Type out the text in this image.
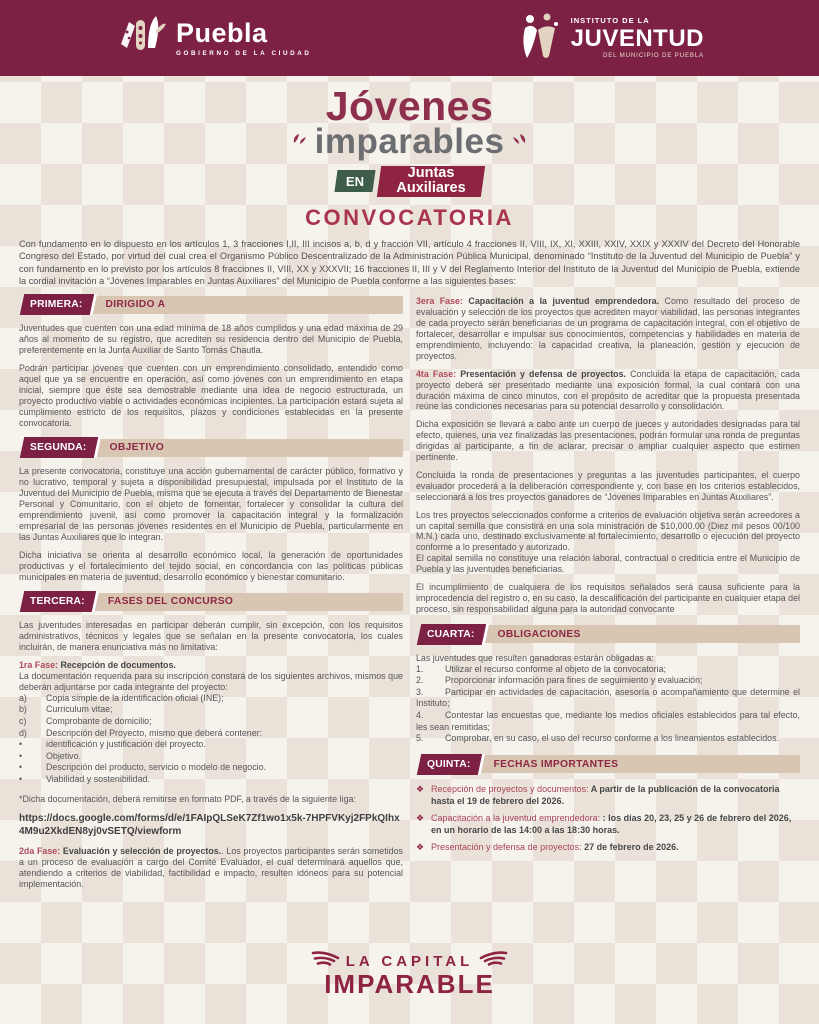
Puebla
GOBIERNO DE LA CIUDAD
INSTITUTO DE LA
JUVENTUD
DEL MUNICIPIO DE PUEBLA
Jóvenes
imparables
EN
Juntas Auxiliares
CONVOCATORIA

Con fundamento en lo dispuesto en los artículos 1, 3 fracciones I,II, III incisos a, b, d y fracción VII, artículo 4 fracciones II, VIII, IX, XI, XXIII, XXIV, XXIX y XXXIV del Decreto del Honorable Congreso del Estado, por virtud del cual crea el Organismo Público Descentralizado de la Administración Pública Municipal, denominado “Instituto de la Juventud del Municipio de Puebla” y con fundamento en lo previsto por los artículos 8 fracciones II, VIII, XX y XXXVII; 16 fracciones II, III y V del Reglamento Interior del Instituto de la Juventud del Municipio de Puebla, extiende la cordial invitación a “Jóvenes Imparables en Juntas Auxiliares” del Municipio de Puebla conforme a las siguientes bases:

PRIMERA: DIRIGIDO A

Juventudes que cuenten con una edad mínima de 18 años cumplidos y una edad máxima de 29 años al momento de su registro, que acrediten su residencia dentro del Municipio de Puebla, preferentemente en la Junta Auxiliar de Santo Tomás Chautla.

Podrán participar jóvenes que cuenten con un emprendimiento consolidado, entendido como aquel que ya se encuentre en operación, así como jóvenes con un emprendimiento en etapa inicial, siempre que éste sea demostrable mediante una idea de negocio estructurada, un proyecto productivo viable o actividades económicas incipientes. La participación estará sujeta al cumplimiento estricto de los requisitos, plazos y condiciones establecidas en la presente convocatoria.

SEGUNDA: OBJETIVO

La presente convocatoria, constituye una acción gubernamental de carácter público, formativo y no lucrativo, temporal y sujeta a disponibilidad presupuestal, impulsada por el Instituto de la Juventud del Municipio de Puebla, misma que se ejecuta a través del Departamento de Bienestar Personal y Comunitario, con el objeto de fomentar, fortalecer y consolidar la cultura del emprendimiento juvenil, así como promover la capacitación integral y la formalización empresarial de las personas jóvenes residentes en el Municipio de Puebla, particularmente en las Juntas Auxiliares que lo integran.

Dicha iniciativa se orienta al desarrollo económico local, la generación de oportunidades productivas y el fortalecimiento del tejido social, en concordancia con las políticas públicas municipales en materia de juventud, desarrollo económico y bienestar comunitario.

TERCERA: FASES DEL CONCURSO

Las juventudes interesadas en participar deberán cumplir, sin excepción, con los requisitos administrativos, técnicos y legales que se señalan en la presente convocatoria, los cuales incluirán, de manera enunciativa más no limitativa:

1ra Fase: Recepción de documentos.

La documentación requerida para su inscripción constará de los siguientes archivos, mismos que deberán adjuntarse por cada integrante del proyecto:

a) Copia simple de la identificación oficial (INE);

b) Curriculum vitae;

c) Comprobante de domicilio;

d) Descripción del Proyecto, mismo que deberá contener:

•	identificación y justificación del proyecto.

•	Objetivo.

•	Descripción del producto, servicio o modelo de negocio.

•	Viabilidad y sostenibilidad.

*Dicha documentación, deberá remitirse en formato PDF, a través de la siguiente liga:

https://docs.google.com/forms/d/e/1FAIpQLSeK7Zf1wo1x5k-7HPFVKyj2FPkQIhx4M9u2XkdEN8yj0vSETQ/viewform

2da Fase: Evaluación y selección de proyectos.. Los proyectos participantes serán sometidos a un proceso de evaluación a cargo del Comité Evaluador, el cual determinará aquellos que, atendiendo a criterios de viabilidad, factibilidad e impacto, resulten idóneos para su potencial implementación.

3era Fase: Capacitación a la juventud emprendedora. Como resultado del proceso de evaluación y selección de los proyectos que acrediten mayor viabilidad, las personas integrantes de cada proyecto serán beneficiarias de un programa de capacitación integral, con el objetivo de fortalecer, desarrollar e impulsar sus conocimientos, competencias y habilidades en materia de emprendimiento, incluyendo: la capacidad creativa, la planeación, gestión y ejecución de proyectos.

4ta Fase: Presentación y defensa de proyectos. Concluida la etapa de capacitación, cada proyecto deberá ser presentado mediante una exposición formal, la cual contará con una duración máxima de cinco minutos, con el propósito de acreditar que la propuesta presentada reúne las condiciones necesarias para su potencial desarrollo y consolidación.

Dicha exposición se llevará a cabo ante un cuerpo de jueces y autoridades designadas para tal efecto, quienes, una vez finalizadas las presentaciones, podrán formular una ronda de preguntas dirigidas al participante, a fin de aclarar, precisar o ampliar cualquier aspecto que estimen pertinente.

Concluida la ronda de presentaciones y preguntas a las juventudes participantes, el cuerpo evaluador procederá a la deliberación correspondiente y, con base en los criterios establecidos, seleccionará a los tres proyectos ganadores de “Jóvenes Imparables en Juntas Auxiliares”.

Los tres proyectos seleccionados conforme a criterios de evaluación objetiva serán acreedores a un capital semilla que consistirá en una sola ministración de $10,000.00 (Diez mil pesos 00/100 M.N.) cada uno, destinado exclusivamente al fortalecimiento, desarrollo o ejecución del proyecto conforme a lo presentado y autorizado.

El capital semilla no constituye una relación laboral, contractual o crediticia entre el Municipio de Puebla y las juventudes beneficiarias.

El incumplimiento de cualquiera de los requisitos señalados será causa suficiente para la improcedencia del registro o, en su caso, la descalificación del participante en cualquier etapa del proceso, sin responsabilidad alguna para la autoridad convocante

CUARTA: OBLIGACIONES

Las juventudes que resulten ganadoras estarán obligadas a:

1. Utilizar el recurso conforme al objeto de la convocatoria;

2. Proporcionar información para fines de seguimiento y evaluación;

3. Participar en actividades de capacitación, asesoría o acompañamiento que determine el Instituto;

4. Contestar las encuestas que, mediante los medios oficiales establecidos para tal efecto, les sean remitidas;

5. Comprobar, en su caso, el uso del recurso conforme a los lineamientos establecidos.

QUINTA: FECHAS IMPORTANTES
❖ Recepción de proyectos y documentos: A partir de la publicación de la convocatoria hasta el 19 de febrero del 2026.

❖ Capacitación a la juventud emprendedora: : los días 20, 23, 25 y 26 de febrero del 2026, en un horario de las 14:00 a las 18:30 horas.

❖ Presentación y defensa de proyectos: 27 de febrero de 2026.

LA CAPITAL
IMPARABLE
